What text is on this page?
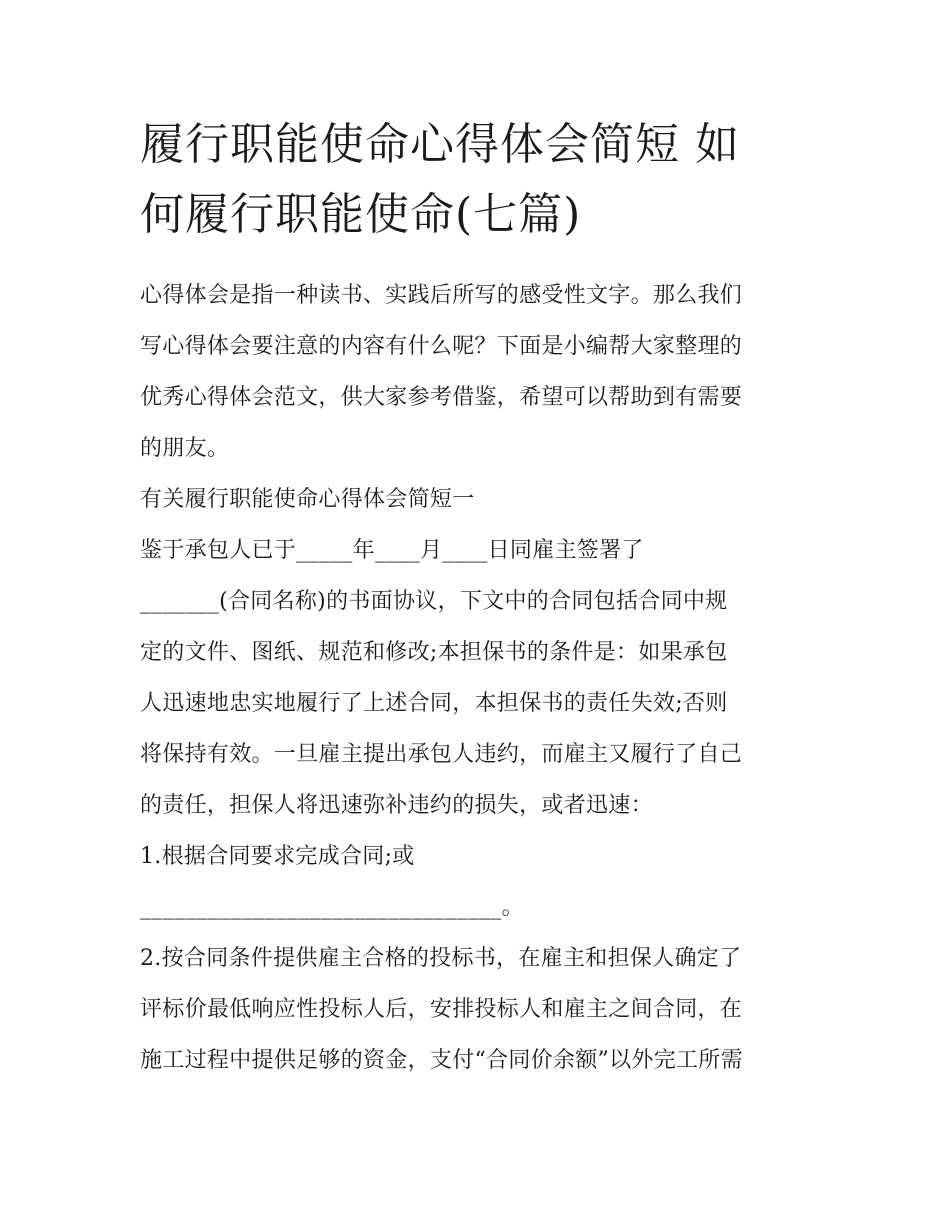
履行职能使命心得体会简短 如
何履行职能使命(七篇)
心得体会是指一种读书、实践后所写的感受性文字。那么我们
写心得体会要注意的内容有什么呢？下面是小编帮大家整理的
优秀心得体会范文，供大家参考借鉴，希望可以帮助到有需要
的朋友。
有关履行职能使命心得体会简短一
鉴于承包人已于_____年____月____日同雇主签署了
_______(合同名称)的书面协议，下文中的合同包括合同中规
定的文件、图纸、规范和修改;本担保书的条件是：如果承包
人迅速地忠实地履行了上述合同，本担保书的责任失效;否则
将保持有效。一旦雇主提出承包人违约，而雇主又履行了自己
的责任，担保人将迅速弥补违约的损失，或者迅速：
1.根据合同要求完成合同;或
________________________________。
2.按合同条件提供雇主合格的投标书，在雇主和担保人确定了
评标价最低响应性投标人后，安排投标人和雇主之间合同，在
施工过程中提供足够的资金，支付“合同价余额”以外完工所需
